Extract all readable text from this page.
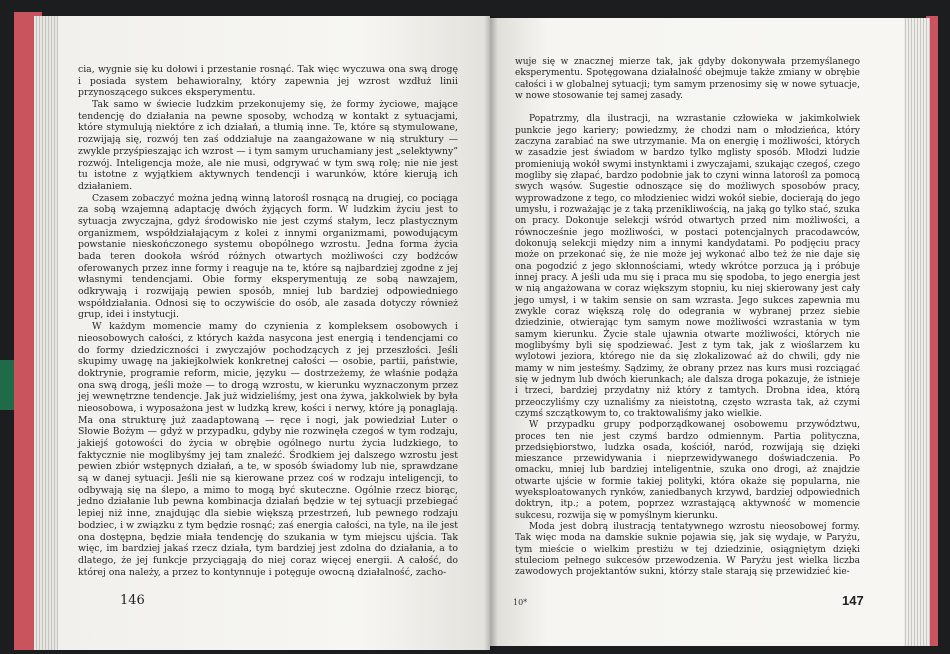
cia, wygnie się ku dołowi i przestanie rosnąć. Tak więc wyczuwa ona swą drogę i posiada system behawioralny, który zapewnia jej wzrost wzdłuż linii przynoszącego sukces eksperymentu.

Tak samo w świecie ludzkim przekonujemy się, że formy życiowe, mające tendencję do działania na pewne sposoby, wchodzą w kontakt z sytuacjami, które stymulują niektóre z ich działań, a tłumią inne. Te, które są stymulowane, rozwijają się, rozwój ten zaś oddziałuje na zaangażowane w nią struktury — zwykle przyśpieszając ich wzrost — i tym samym uruchamiany jest „selektywny” rozwój. Inteligencja może, ale nie musi, odgrywać w tym swą rolę; nie nie jest tu istotne z wyjątkiem aktywnych tendencji i warunków, które kierują ich działaniem.

Czasem zobaczyć można jedną winną latorośl rosnącą na drugiej, co pociąga za sobą wzajemną adaptację dwóch żyjących form. W ludzkim życiu jest to sytuacja zwyczajna, gdyż środowisko nie jest czymś stałym, lecz plastycznym organizmem, współdziałającym z kolei z innymi organizmami, powodującym powstanie nieskończonego systemu obopólnego wzrostu. Jedna forma życia bada teren dookoła wśród różnych otwartych możliwości czy bodźców oferowanych przez inne formy i reaguje na te, które są najbardziej zgodne z jej własnymi tendencjami. Obie formy eksperymentują ze sobą nawzajem, odkrywają i rozwijają pewien sposób, mniej lub bardziej odpowiedniego współdziałania. Odnosi się to oczywiście do osób, ale zasada dotyczy również grup, idei i instytucji.

W każdym momencie mamy do czynienia z kompleksem osobowych i nieosobowych całości, z których każda nasycona jest energią i tendencjami co do formy dziedziczności i zwyczajów pochodzących z jej przeszłości. Jeśli skupimy uwagę na jakiejkolwiek konkretnej całości — osobie, partii, państwie, doktrynie, programie reform, micie, języku — dostrzeżemy, że właśnie podąża ona swą drogą, jeśli może — to drogą wzrostu, w kierunku wyznaczonym przez jej wewnętrzne tendencje. Jak już widzieliśmy, jest ona żywa, jakkolwiek by była nieosobowa, i wyposażona jest w ludzką krew, kości i nerwy, które ją ponaglają. Ma ona strukturę już zaadaptowaną — ręce i nogi, jak powiedział Luter o Słowie Bożym — gdyż w przypadku, gdyby nie rozwinęła czegoś w tym rodzaju, jakiejś gotowości do życia w obrębie ogólnego nurtu życia ludzkiego, to faktycznie nie moglibyśmy jej tam znaleźć. Środkiem jej dalszego wzrostu jest pewien zbiór wstępnych działań, a te, w sposób świadomy lub nie, sprawdzane są w danej sytuacji. Jeśli nie są kierowane przez coś w rodzaju inteligencji, to odbywają się na ślepo, a mimo to mogą być skuteczne. Ogólnie rzecz biorąc, jedno działanie lub pewna kombinacja działań będzie w tej sytuacji przebiegać lepiej niż inne, znajdując dla siebie większą przestrzeń, lub pewnego rodzaju bodziec, i w związku z tym będzie rosnąć; zaś energia całości, na tyle, na ile jest ona dostępna, będzie miała tendencję do szukania w tym miejscu ujścia. Tak więc, im bardziej jakaś rzecz działa, tym bardziej jest zdolna do działania, a to dlatego, że jej funkcje przyciągają do niej coraz więcej energii. A całość, do której ona należy, a przez to kontynnuje i potęguje owocną działalność, zacho-

wuje się w znacznej mierze tak, jak gdyby dokonywała przemyślanego eksperymentu. Spotęgowana działalność obejmuje także zmiany w obrębie całości i w globalnej sytuacji; tym samym przenosimy się w nowe sytuacje, w nowe stosowanie tej samej zasady.

Popatrzmy, dla ilustracji, na wzrastanie człowieka w jakimkolwiek punkcie jego kariery; powiedzmy, że chodzi nam o młodzieńca, który zaczyna zarabiać na swe utrzymanie. Ma on energię i możliwości, których w zasadzie jest świadom w bardzo tylko mglisty sposób. Młodzi ludzie promieniują wokół swymi instynktami i zwyczajami, szukając czegoś, czego mogliby się złapać, bardzo podobnie jak to czyni winna latorośl za pomocą swych wąsów. Sugestie odnoszące się do możliwych sposobów pracy, wyprowadzone z tego, co młodzieniec widzi wokół siebie, docierają do jego umysłu, i rozważając je z taką przenikliwością, na jaką go tylko stać, szuka on pracy. Dokonuje selekcji wśród otwartych przed nim możliwości, a równocześnie jego możliwości, w postaci potencjalnych pracodawców, dokonują selekcji między nim a innymi kandydatami. Po podjęciu pracy może on przekonać się, że nie może jej wykonać albo też że nie daje się ona pogodzić z jego skłonnościami, wtedy wkrótce porzuca ją i próbuje innej pracy. A jeśli uda mu się i praca mu się spodoba, to jego energia jest w nią angażowana w coraz większym stopniu, ku niej skierowany jest cały jego umysł, i w takim sensie on sam wzrasta. Jego sukces zapewnia mu zwykle coraz większą rolę do odegrania w wybranej przez siebie dziedzinie, otwierając tym samym nowe możliwości wzrastania w tym samym kierunku. Życie stale ujawnia otwarte możliwości, których nie moglibyśmy byli się spodziewać. Jest z tym tak, jak z wioślarzem ku wylotowi jeziora, którego nie da się zlokalizować aż do chwili, gdy nie mamy w nim jesteśmy. Sądzimy, że obrany przez nas kurs musi rozciągać się w jednym lub dwóch kierunkach; ale dalsza droga pokazuje, że istnieje i trzeci, bardziej przydatny niż który z tamtych. Drobna idea, którą przeoczyliśmy czy uznaliśmy za nieistotną, często wzrasta tak, aż czymi czymś szczątkowym to, co traktowaliśmy jako wielkie.

W przypadku grupy podporządkowanej osobowemu przywództwu, proces ten nie jest czymś bardzo odmiennym. Partia polityczna, przedsiębiorstwo, ludzka osada, kościół, naród, rozwijają się dzięki mieszance przewidywania i nieprzewidywanego doświadczenia. Po omacku, mniej lub bardziej inteligentnie, szuka ono drogi, aż znajdzie otwarte ujście w formie takiej polityki, która okaże się popularna, nie wyeksploatowanych rynków, zaniedbanych krzywd, bardziej odpowiednich doktryn, itp.; a potem, poprzez wzrastającą aktywność w momencie sukcesu, rozwija się w pomyślnym kierunku.

Moda jest dobrą ilustracją tentatywnego wzrostu nieosobowej formy. Tak więc moda na damskie suknie pojawia się, jak się wydaje, w Paryżu, tym mieście o wielkim prestiżu w tej dziedzinie, osiągniętym dzięki stuleciom pełnego sukcesów przewodzenia. W Paryżu jest wielka liczba zawodowych projektantów sukni, którzy stale starają się przewidzieć kie-

146	10*	147
